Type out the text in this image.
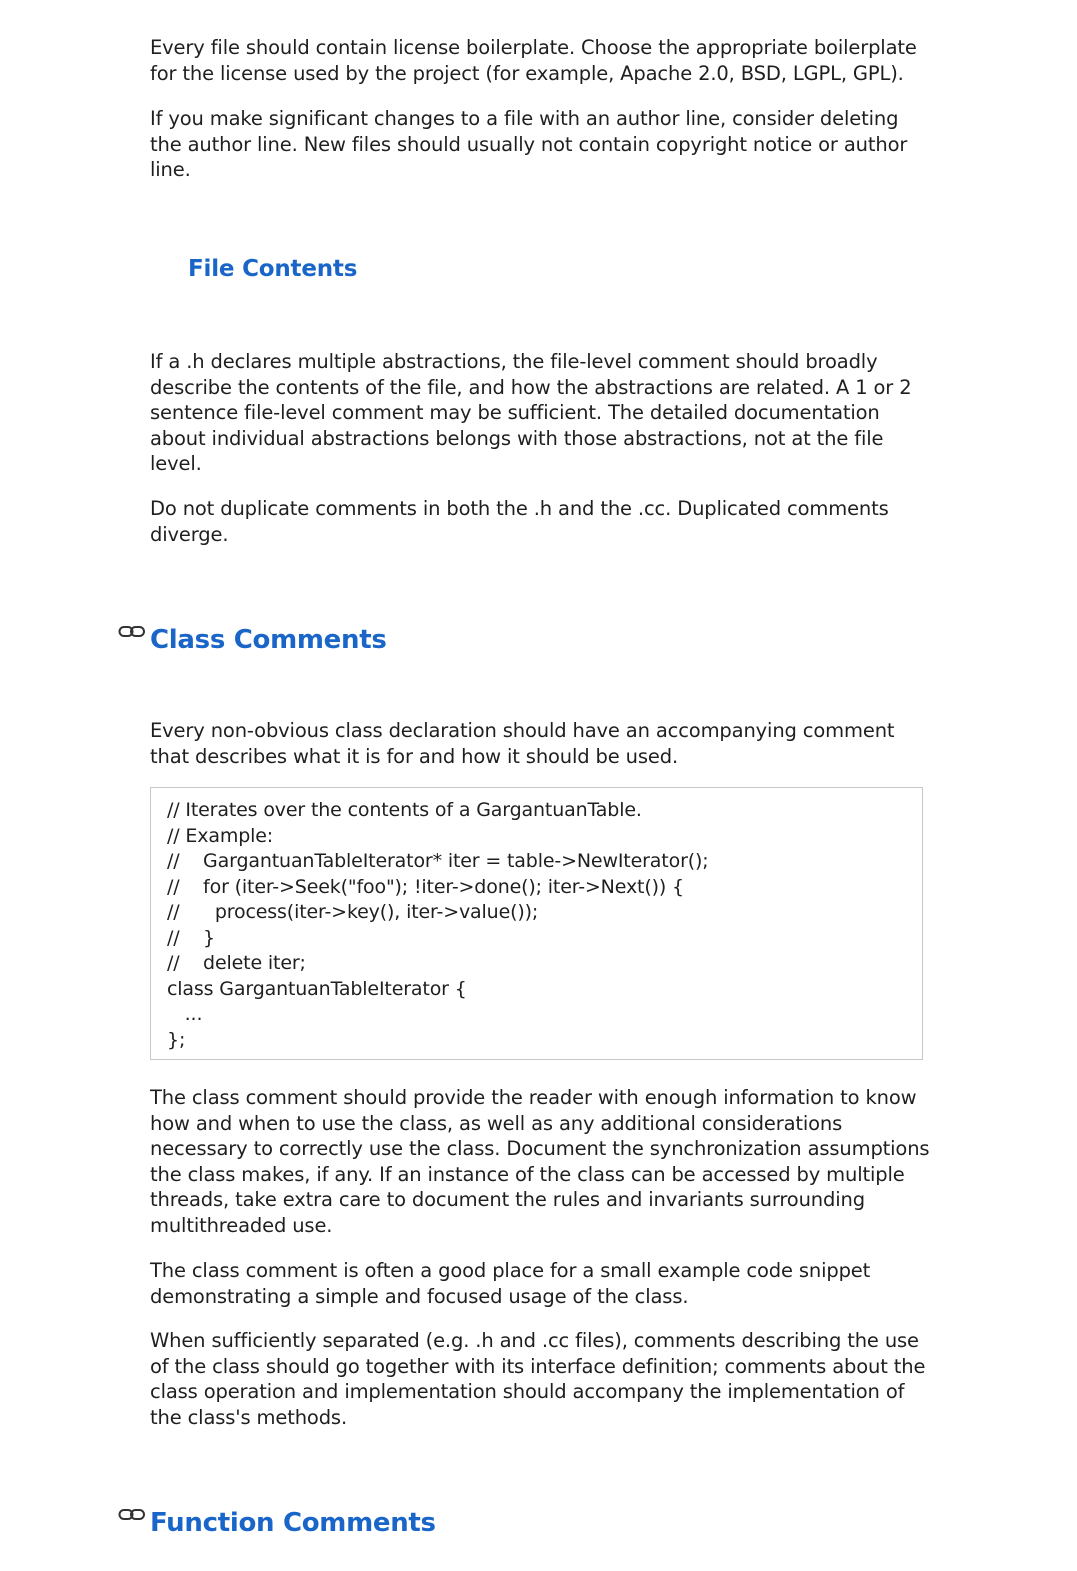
Every file should contain license boilerplate. Choose the appropriate boilerplate for the license used by the project (for example, Apache 2.0, BSD, LGPL, GPL).

If you make significant changes to a file with an author line, consider deleting the author line. New files should usually not contain copyright notice or author line.

File Contents

If a .h declares multiple abstractions, the file-level comment should broadly describe the contents of the file, and how the abstractions are related. A 1 or 2 sentence file-level comment may be sufficient. The detailed documentation about individual abstractions belongs with those abstractions, not at the file level.

Do not duplicate comments in both the .h and the .cc. Duplicated comments diverge.

Class Comments

Every non-obvious class declaration should have an accompanying comment that describes what it is for and how it should be used.

// Iterates over the contents of a GargantuanTable.
// Example:
//    GargantuanTableIterator* iter = table->NewIterator();
//    for (iter->Seek("foo"); !iter->done(); iter->Next()) {
//      process(iter->key(), iter->value());
//    }
//    delete iter;
class GargantuanTableIterator {
...
};

The class comment should provide the reader with enough information to know how and when to use the class, as well as any additional considerations necessary to correctly use the class. Document the synchronization assumptions the class makes, if any. If an instance of the class can be accessed by multiple threads, take extra care to document the rules and invariants surrounding multithreaded use.

The class comment is often a good place for a small example code snippet demonstrating a simple and focused usage of the class.

When sufficiently separated (e.g. .h and .cc files), comments describing the use of the class should go together with its interface definition; comments about the class operation and implementation should accompany the implementation of the class's methods.

Function Comments
